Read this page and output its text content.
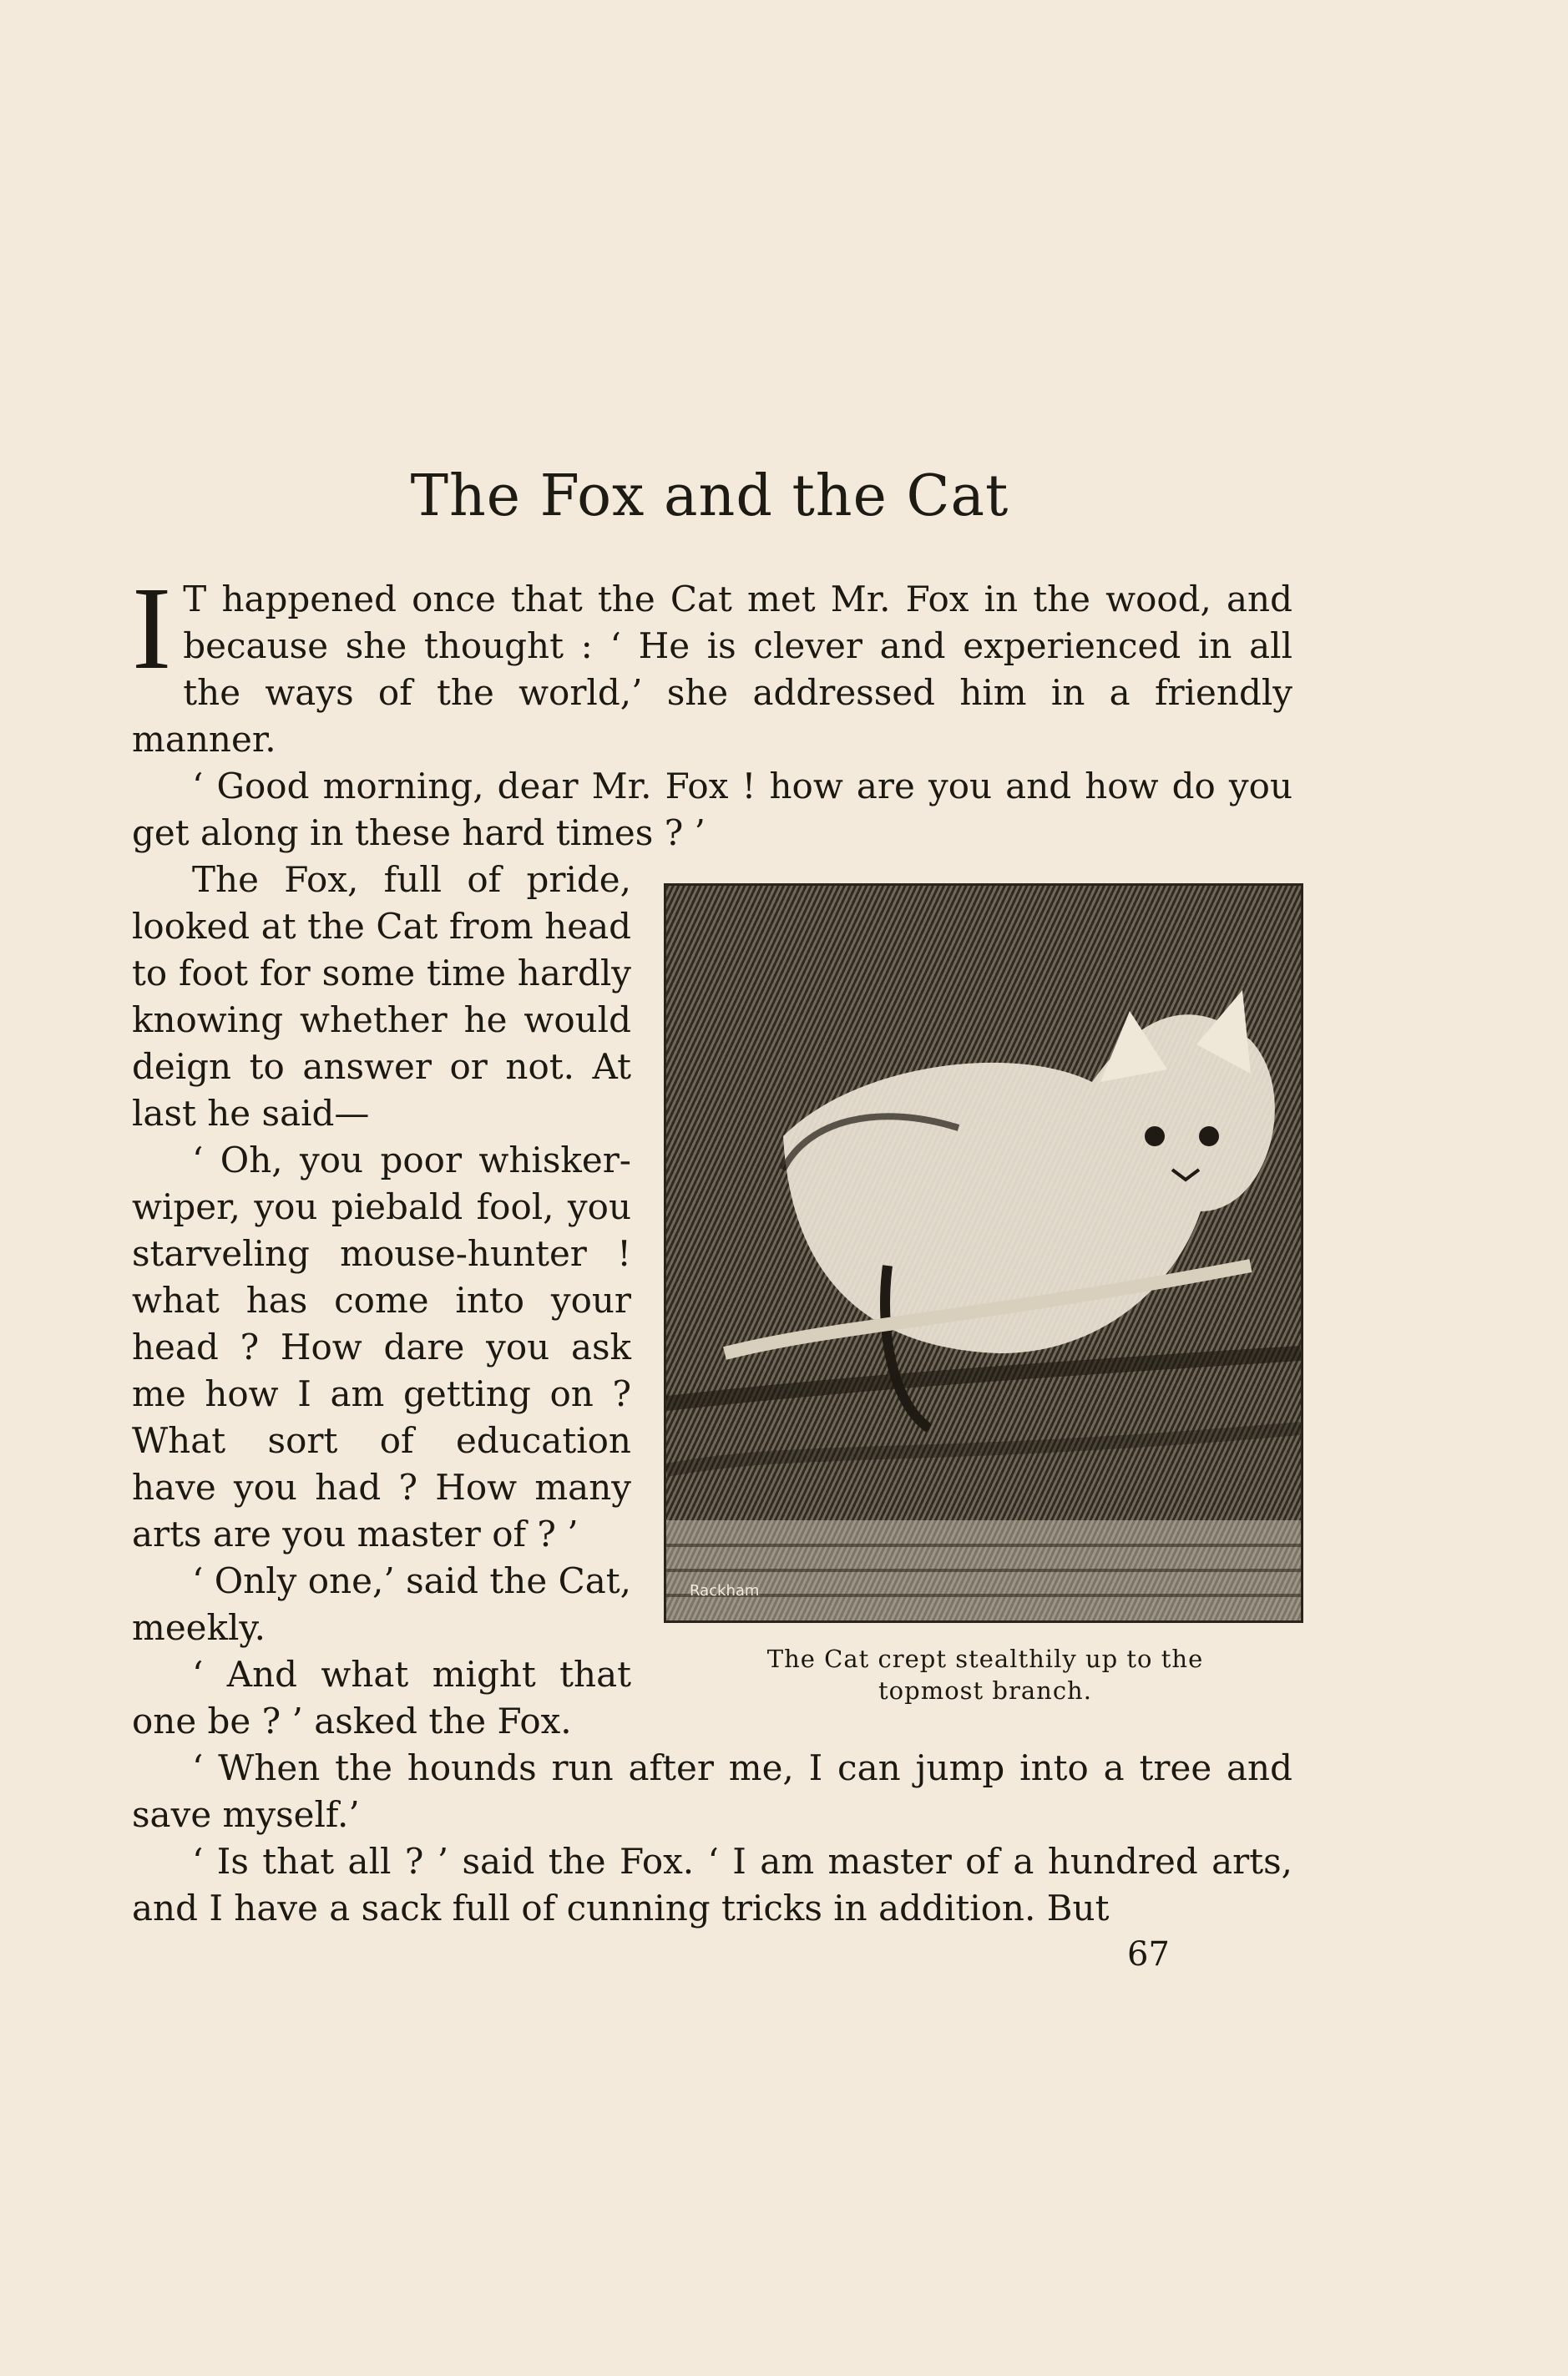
The Fox and the Cat

I T happened once that the Cat met Mr. Fox in the wood, and because she thought : ‘ He is clever and experienced in all the ways of the world,’ she addressed him in a friendly manner.

‘ Good morning, dear Mr. Fox ! how are you and how do you get along in these hard times ? ’

The Fox, full of pride, looked at the Cat from head to foot for some time hardly knowing whether he would deign to answer or not. At last he said—

‘ Oh, you poor whisker-wiper, you piebald fool, you starveling mouse-hunter ! what has come into your head ? How dare you ask me how I am getting on ? What sort of education have you had ? How many arts are you master of ? ’

‘ Only one,’ said the Cat, meekly.

‘ And what might that one be ? ’ asked the Fox.

‘ When the hounds run after me, I can jump into a tree and save myself.’

‘ Is that all ? ’ said the Fox. ‘ I am master of a hundred arts, and I have a sack full of cunning tricks in addition. But

Rackham
The Cat crept stealthily up to the
topmost branch.
67
